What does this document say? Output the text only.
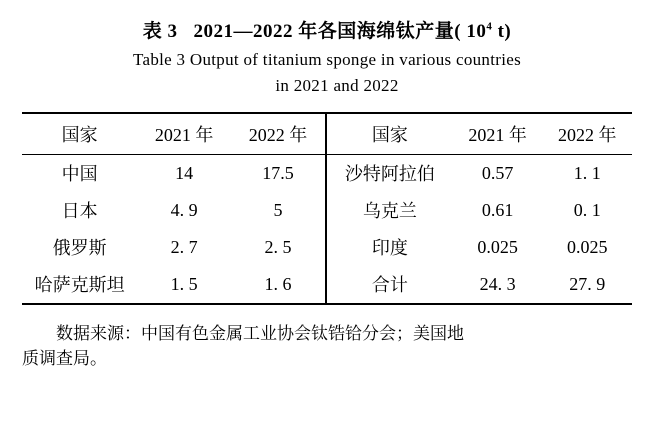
表 3 2021—2022 年各国海绵钛产量( $10^4$ t)
Table 3 Output of titanium sponge in various countries
in 2021 and 2022

国家	2021 年	2022 年	国家	2021 年	2022 年

中国	14	17.5	沙特阿拉伯	0.57	1. 1
日本	4. 9	5	乌克兰	0.61	0. 1
俄罗斯	2. 7	2. 5	印度	0.025	0.025
哈萨克斯坦	1. 5	1. 6	合计	24. 3	27. 9

数据来源：中国有色金属工业协会钛锆铪分会；美国地
质调查局。
